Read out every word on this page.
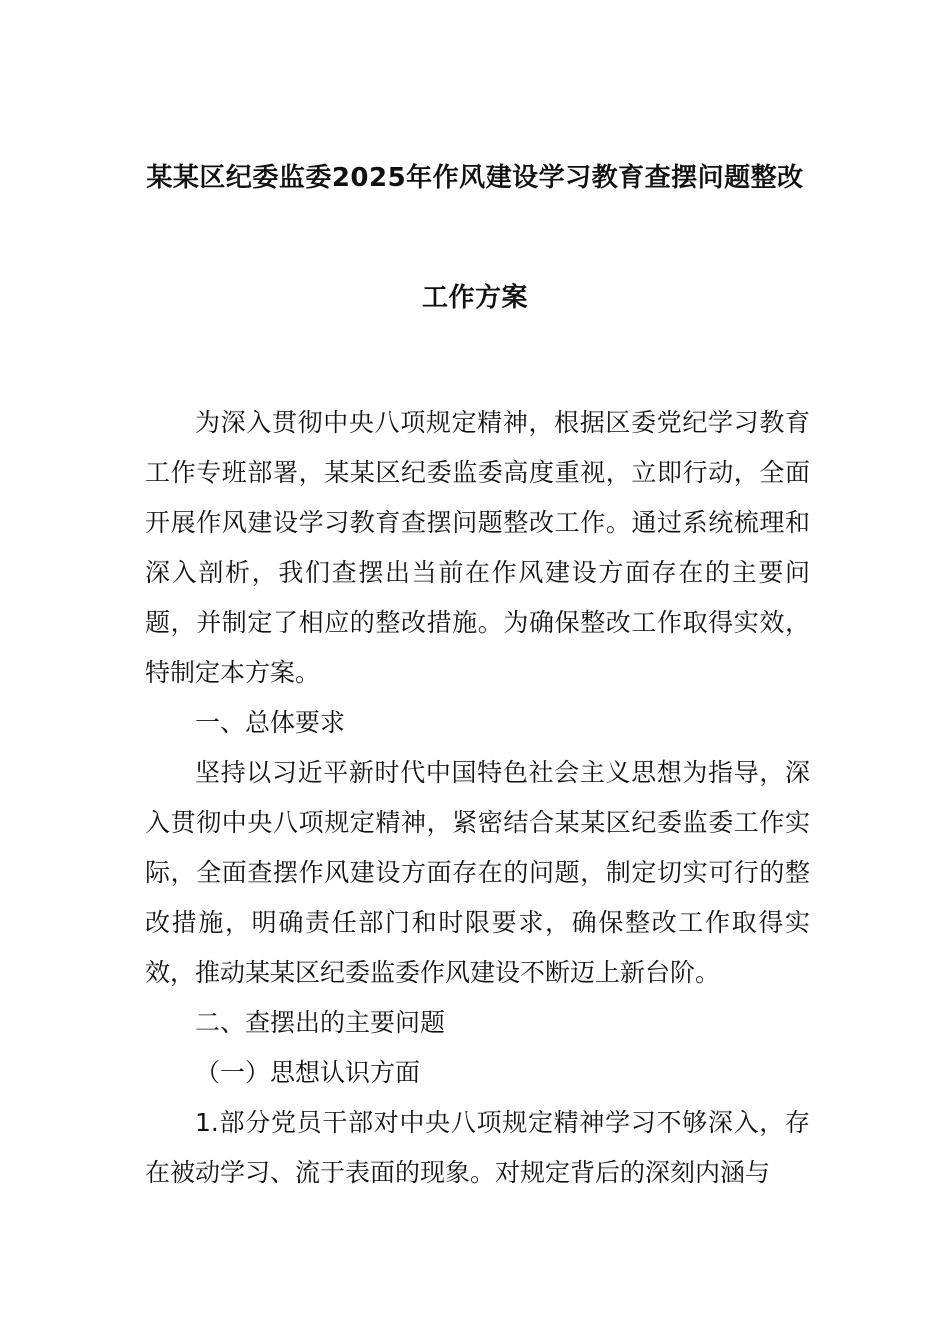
某某区纪委监委2025年作风建设学习教育查摆问题整改
工作方案

为深入贯彻中央八项规定精神，根据区委党纪学习教育工作专班部署，某某区纪委监委高度重视，立即行动，全面开展作风建设学习教育查摆问题整改工作。通过系统梳理和深入剖析，我们查摆出当前在作风建设方面存在的主要问题，并制定了相应的整改措施。为确保整改工作取得实效，特制定本方案。

一、总体要求

坚持以习近平新时代中国特色社会主义思想为指导，深入贯彻中央八项规定精神，紧密结合某某区纪委监委工作实际，全面查摆作风建设方面存在的问题，制定切实可行的整改措施，明确责任部门和时限要求，确保整改工作取得实效，推动某某区纪委监委作风建设不断迈上新台阶。

二、查摆出的主要问题

（一）思想认识方面

1.部分党员干部对中央八项规定精神学习不够深入，存在被动学习、流于表面的现象。对规定背后的深刻内涵与
